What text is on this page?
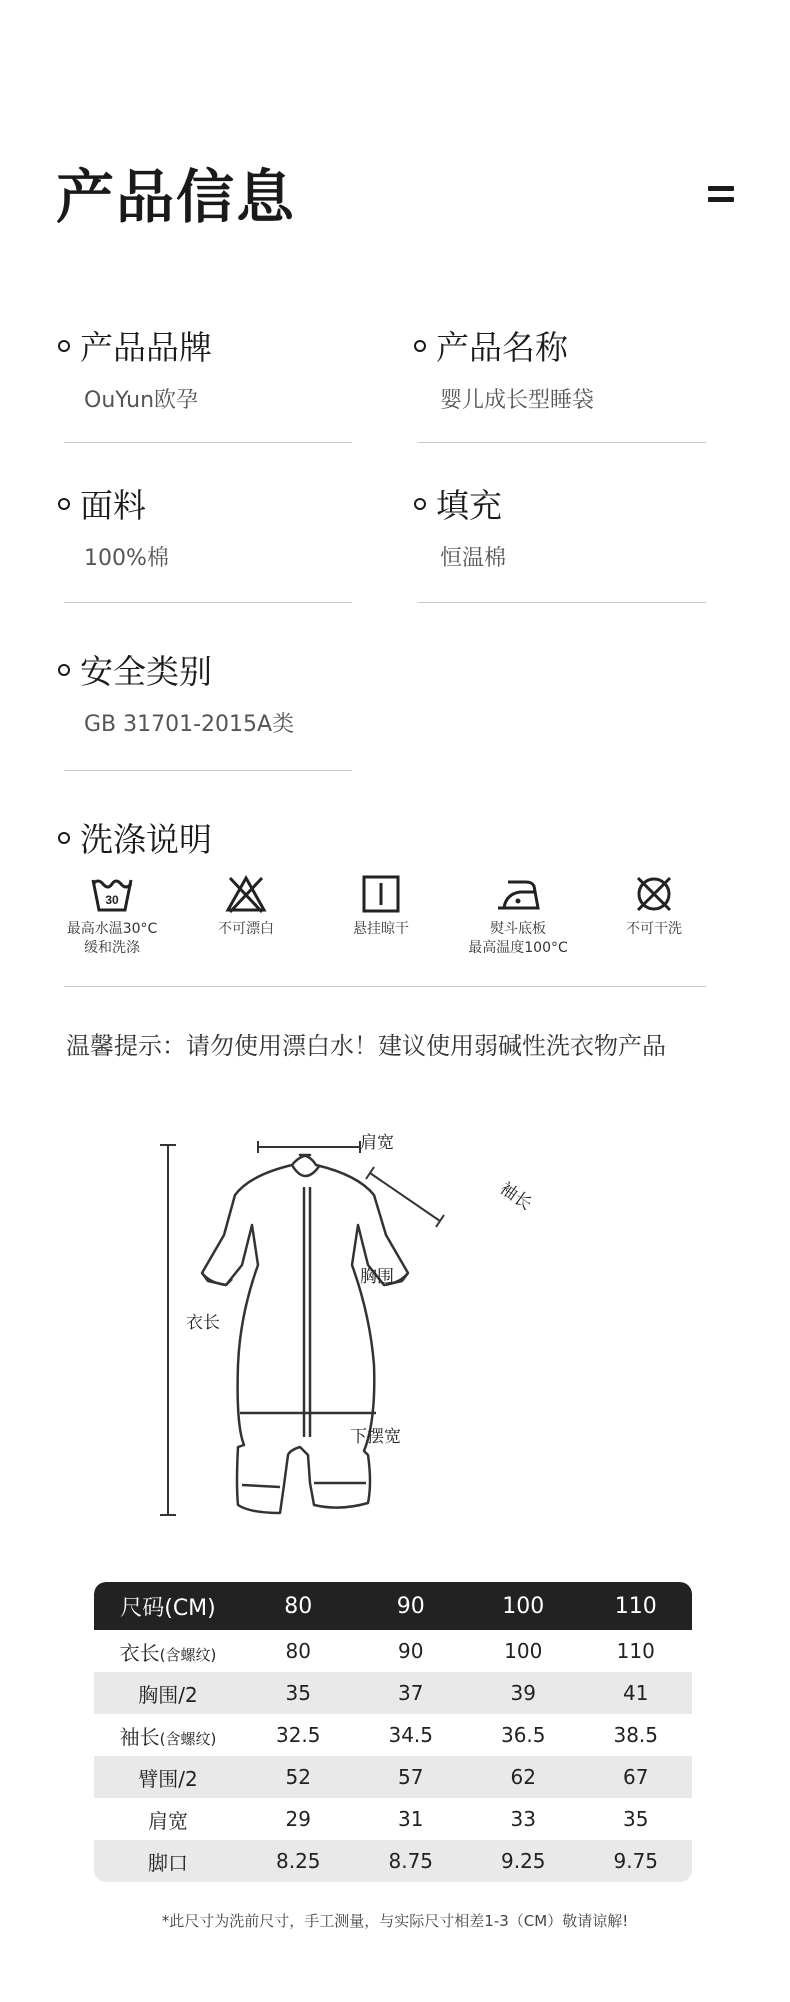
产品信息
产品品牌
OuYun欧孕
产品名称
婴儿成长型睡袋
面料
100%棉
填充
恒温棉
安全类别
GB 31701-2015A类
洗涤说明
30
最高水温30°C
缓和洗涤
不可漂白	悬挂晾干	熨斗底板
最高温度100°C
不可干洗
温馨提示：请勿使用漂白水！建议使用弱碱性洗衣物产品
肩宽
袖长
胸围
衣长
下摆宽
尺码(CM)	80	90	100	110
衣长(含螺纹)	80	90	100	110
胸围/2	35	37	39	41
袖长(含螺纹)	32.5	34.5	36.5	38.5
臂围/2	52	57	62	67
肩宽	29	31	33	35
脚口	8.25	8.75	9.25	9.75
*此尺寸为洗前尺寸，手工测量，与实际尺寸相差1-3（CM）敬请谅解!
